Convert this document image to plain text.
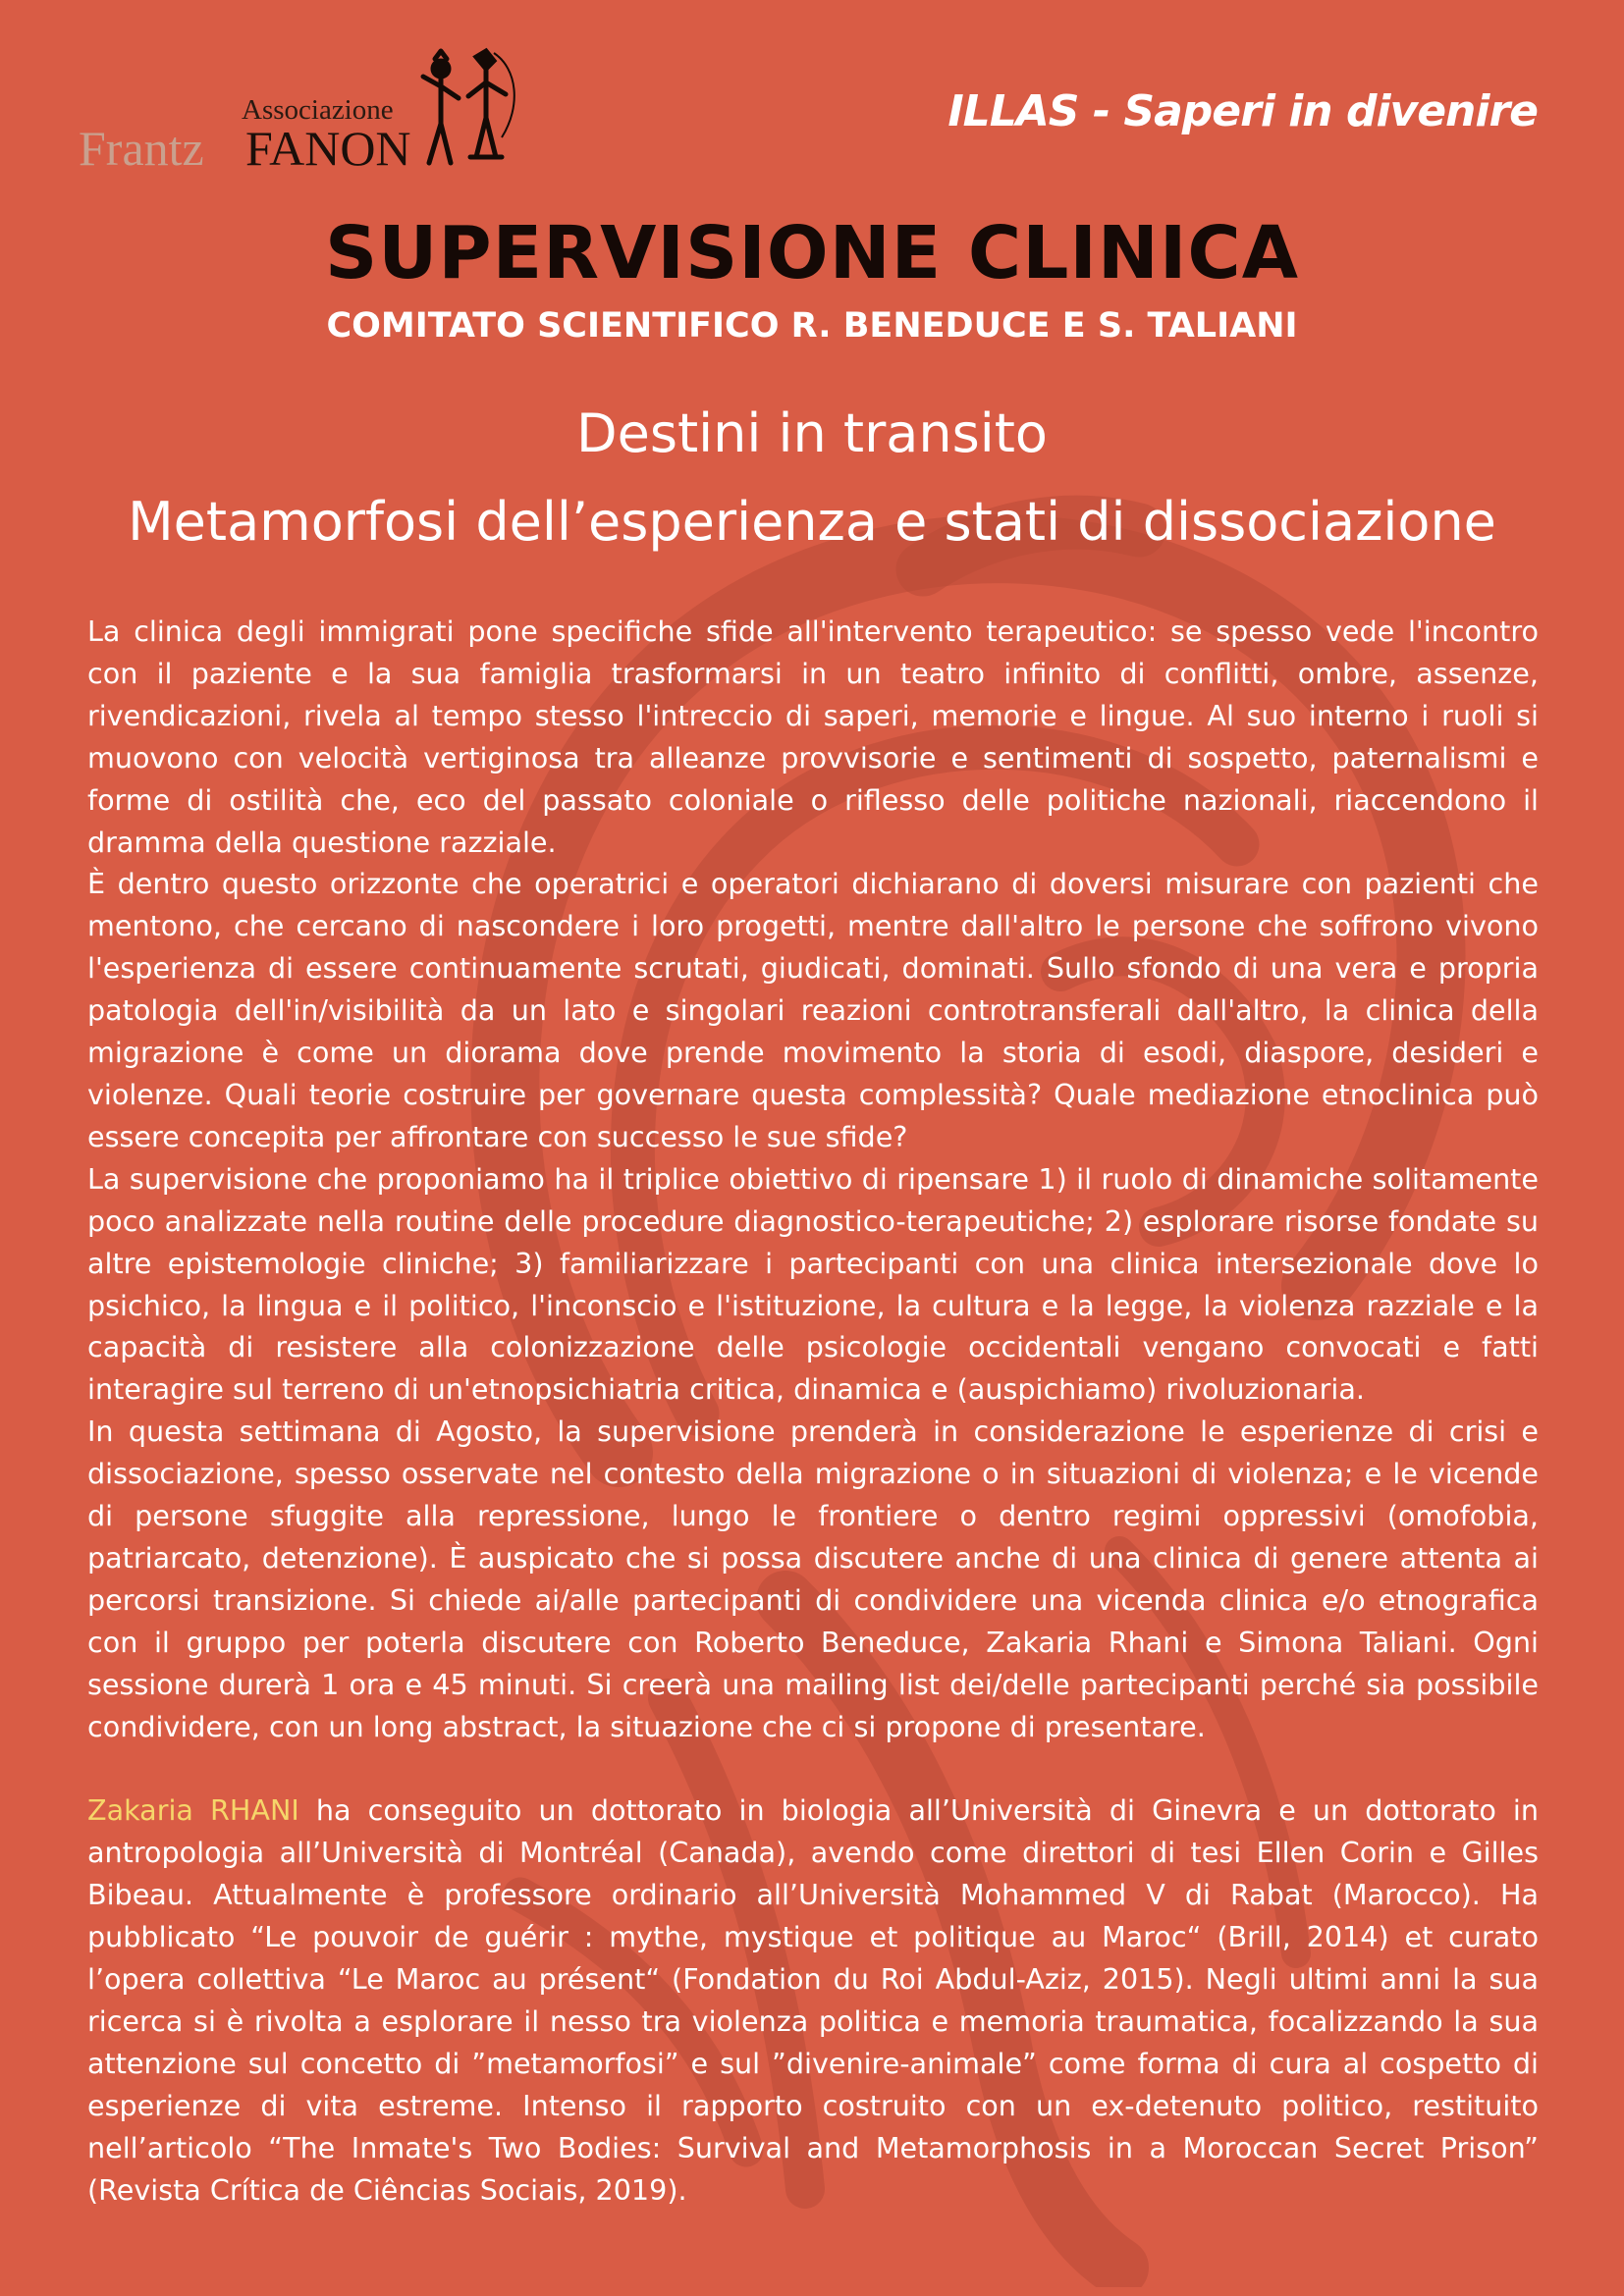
Associazione
Frantz FANON
ILLAS - Saperi in divenire
SUPERVISIONE CLINICA
COMITATO SCIENTIFICO R. BENEDUCE E S. TALIANI
Destini in transito
Metamorfosi dell’esperienza e stati di dissociazione

La clinica degli immigrati pone specifiche sfide all'intervento terapeutico: se spesso vede l'incontro con il paziente e la sua famiglia trasformarsi in un teatro infinito di conflitti, ombre, assenze, rivendicazioni, rivela al tempo stesso l'intreccio di saperi, memorie e lingue. Al suo interno i ruoli si muovono con velocità vertiginosa tra alleanze provvisorie e sentimenti di sospetto, paternalismi e forme di ostilità che, eco del passato coloniale o riflesso delle politiche nazionali, riaccendono il dramma della questione razziale.

È dentro questo orizzonte che operatrici e operatori dichiarano di doversi misurare con pazienti che mentono, che cercano di nascondere i loro progetti, mentre dall'altro le persone che soffrono vivono l'esperienza di essere continuamente scrutati, giudicati, dominati. Sullo sfondo di una vera e propria patologia dell'in/visibilità da un lato e singolari reazioni controtransferali dall'altro, la clinica della migrazione è come un diorama dove prende movimento la storia di esodi, diaspore, desideri e violenze. Quali teorie costruire per governare questa complessità? Quale mediazione etnoclinica può essere concepita per affrontare con successo le sue sfide?

La supervisione che proponiamo ha il triplice obiettivo di ripensare 1) il ruolo di dinamiche solitamente poco analizzate nella routine delle procedure diagnostico-terapeutiche; 2) esplorare risorse fondate su altre epistemologie cliniche; 3) familiarizzare i partecipanti con una clinica intersezionale dove lo psichico, la lingua e il politico, l'inconscio e l'istituzione, la cultura e la legge, la violenza razziale e la capacità di resistere alla colonizzazione delle psicologie occidentali vengano convocati e fatti interagire sul terreno di un'etnopsichiatria critica, dinamica e (auspichiamo) rivoluzionaria.

In questa settimana di Agosto, la supervisione prenderà in considerazione le esperienze di crisi e dissociazione, spesso osservate nel contesto della migrazione o in situazioni di violenza; e le vicende di persone sfuggite alla repressione, lungo le frontiere o dentro regimi oppressivi (omofobia, patriarcato, detenzione). È auspicato che si possa discutere anche di una clinica di genere attenta ai percorsi transizione. Si chiede ai/alle partecipanti di condividere una vicenda clinica e/o etnografica con il gruppo per poterla discutere con Roberto Beneduce, Zakaria Rhani e Simona Taliani. Ogni sessione durerà 1 ora e 45 minuti. Si creerà una mailing list dei/delle partecipanti perché sia possibile condividere, con un long abstract, la situazione che ci si propone di presentare.

Zakaria RHANI ha conseguito un dottorato in biologia all’Università di Ginevra e un dottorato in antropologia all’Università di Montréal (Canada), avendo come direttori di tesi Ellen Corin e Gilles Bibeau. Attualmente è professore ordinario all’Università Mohammed V di Rabat (Marocco). Ha pubblicato “Le pouvoir de guérir : mythe, mystique et politique au Maroc“ (Brill, 2014) et curato l’opera collettiva “Le Maroc au présent“ (Fondation du Roi Abdul-Aziz, 2015). Negli ultimi anni la sua ricerca si è rivolta a esplorare il nesso tra violenza politica e memoria traumatica, focalizzando la sua attenzione sul concetto di ”metamorfosi” e sul ”divenire-animale” come forma di cura al cospetto di esperienze di vita estreme. Intenso il rapporto costruito con un ex-detenuto politico, restituito nell’articolo “The Inmate's Two Bodies: Survival and Metamorphosis in a Moroccan Secret Prison” (Revista Crítica de Ciências Sociais, 2019).
